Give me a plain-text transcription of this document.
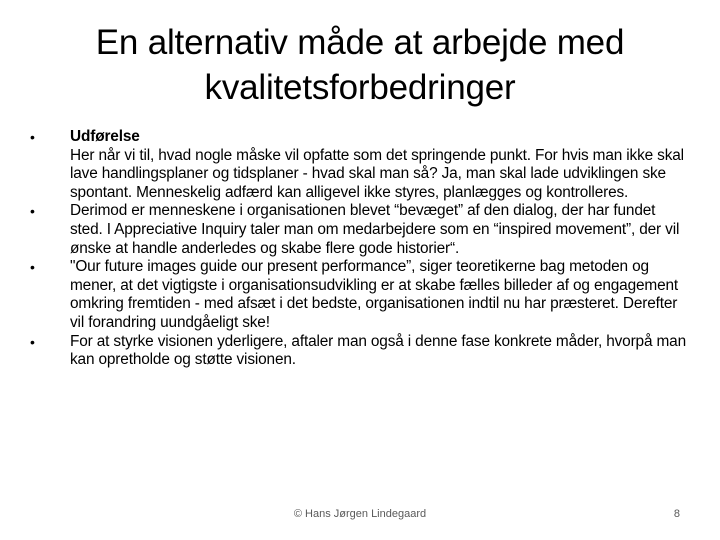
En alternativ måde at arbejde med
kvalitetsforbedringer
• Udførelse
Her når vi til, hvad nogle måske vil opfatte som det springende punkt. For hvis man ikke skal lave handlingsplaner og tidsplaner - hvad skal man så? Ja, man skal lade udviklingen ske spontant. Menneskelig adfærd kan alligevel ikke styres, planlægges og kontrolleres.
• Derimod er menneskene i organisationen blevet “bevæget” af den dialog, der har fundet sted. I Appreciative Inquiry taler man om medarbejdere som en “inspired movement”, der vil ønske at handle anderledes og skabe flere gode historier“.
• "Our future images guide our present performance”, siger teoretikerne bag metoden og mener, at det vigtigste i organisationsudvikling er at skabe fælles billeder af og engagement omkring fremtiden - med afsæt i det bedste, organisationen indtil nu har præsteret. Derefter vil forandring uundgåeligt ske!
• For at styrke visionen yderligere, aftaler man også i denne fase konkrete måder, hvorpå man kan opretholde og støtte visionen.
© Hans Jørgen Lindegaard	8
